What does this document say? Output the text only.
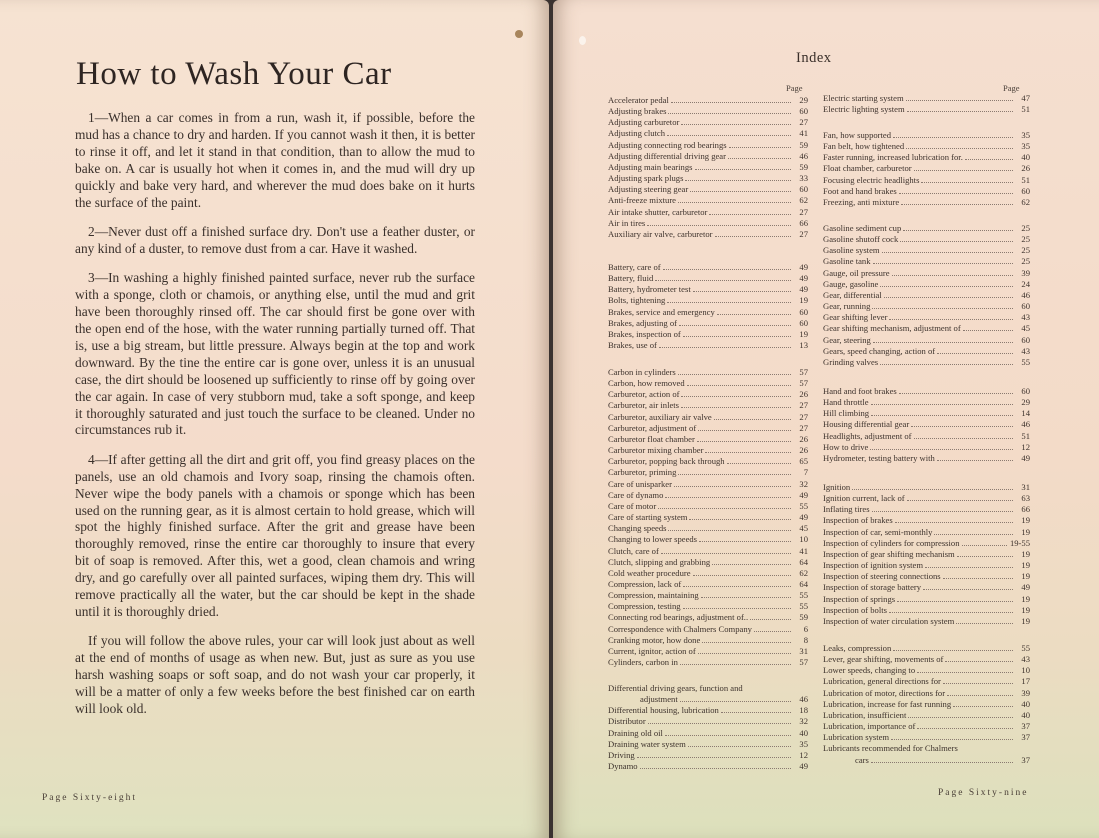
How to Wash Your Car

1—When a car comes in from a run, wash it, if possible, before the mud has a chance to dry and harden. If you cannot wash it then, it is better to rinse it off, and let it stand in that condition, than to allow the mud to bake on. A car is usually hot when it comes in, and the mud will dry up quickly and bake very hard, and wherever the mud does bake on it hurts the surface of the paint.

2—Never dust off a finished surface dry. Don't use a feather duster, or any kind of a duster, to remove dust from a car. Have it washed.

3—In washing a highly finished painted surface, never rub the surface with a sponge, cloth or chamois, or anything else, until the mud and grit have been thoroughly rinsed off. The car should first be gone over with the open end of the hose, with the water running partially turned off. That is, use a big stream, but little pressure. Always begin at the top and work downward. By the tine the entire car is gone over, unless it is an unusual case, the dirt should be loosened up sufficiently to rinse off by going over the car again. In case of very stubborn mud, take a soft sponge, and keep it thoroughly saturated and just touch the surface to be cleaned. Under no circumstances rub it.

4—If after getting all the dirt and grit off, you find greasy places on the panels, use an old chamois and Ivory soap, rinsing the chamois often. Never wipe the body panels with a chamois or sponge which has been used on the running gear, as it is almost certain to hold grease, which will spot the highly finished surface. After the grit and grease have been thoroughly removed, rinse the entire car thoroughly to insure that every bit of soap is removed. After this, wet a good, clean chamois and wring dry, and go carefully over all painted surfaces, wiping them dry. This will remove practically all the water, but the car should be kept in the shade until it is thoroughly dried.

If you will follow the above rules, your car will look just about as well at the end of months of usage as when new. But, just as sure as you use harsh washing soaps or soft soap, and do not wash your car properly, it will be a matter of only a few weeks before the best finished car on earth will look old.

Page Sixty-eight
Index
Page	Page
Accelerator pedal	29
Adjusting brakes	60
Adjusting carburetor	27
Adjusting clutch	41
Adjusting connecting rod bearings	59
Adjusting differential driving gear	46
Adjusting main bearings	59
Adjusting spark plugs	33
Adjusting steering gear	60
Anti-freeze mixture	62
Air intake shutter, carburetor	27
Air in tires	66
Auxiliary air valve, carburetor	27
Battery, care of	49
Battery, fluid	49
Battery, hydrometer test	49
Bolts, tightening	19
Brakes, service and emergency	60
Brakes, adjusting of	60
Brakes, inspection of	19
Brakes, use of	13
Carbon in cylinders	57
Carbon, how removed	57
Carburetor, action of	26
Carburetor, air inlets	27
Carburetor, auxiliary air valve	27
Carburetor, adjustment of	27
Carburetor float chamber	26
Carburetor mixing chamber	26
Carburetor, popping back through	65
Carburetor, priming	7
Care of unisparker	32
Care of dynamo	49
Care of motor	55
Care of starting system	49
Changing speeds	45
Changing to lower speeds	10
Clutch, care of	41
Clutch, slipping and grabbing	64
Cold weather procedure	62
Compression, lack of	64
Compression, maintaining	55
Compression, testing	55
Connecting rod bearings, adjustment of..	59
Correspondence with Chalmers Company	6
Cranking motor, how done	8
Current, ignitor, action of	31
Cylinders, carbon in	57
Differential driving gears, function and
adjustment	46
Differential housing, lubrication	18
Distributor	32
Draining old oil	40
Draining water system	35
Driving	12
Dynamo	49
Electric starting system	47
Electric lighting system	51
Fan, how supported	35
Fan belt, how tightened	35
Faster running, increased lubrication for.	40
Float chamber, carburetor	26
Focusing electric headlights	51
Foot and hand brakes	60
Freezing, anti mixture	62
Gasoline sediment cup	25
Gasoline shutoff cock	25
Gasoline system	25
Gasoline tank	25
Gauge, oil pressure	39
Gauge, gasoline	24
Gear, differential	46
Gear, running	60
Gear shifting lever	43
Gear shifting mechanism, adjustment of	45
Gear, steering	60
Gears, speed changing, action of	43
Grinding valves	55
Hand and foot brakes	60
Hand throttle	29
Hill climbing	14
Housing differential gear	46
Headlights, adjustment of	51
How to drive	12
Hydrometer, testing battery with	49
Ignition	31
Ignition current, lack of	63
Inflating tires	66
Inspection of brakes	19
Inspection of car, semi-monthly	19
Inspection of cylinders for compression	19-55
Inspection of gear shifting mechanism	19
Inspection of ignition system	19
Inspection of steering connections	19
Inspection of storage battery	49
Inspection of springs	19
Inspection of bolts	19
Inspection of water circulation system	19
Leaks, compression	55
Lever, gear shifting, movements of	43
Lower speeds, changing to	10
Lubrication, general directions for	17
Lubrication of motor, directions for	39
Lubrication, increase for fast running	40
Lubrication, insufficient	40
Lubrication, importance of	37
Lubrication system	37
Lubricants recommended for Chalmers
cars	37
Page Sixty-nine
